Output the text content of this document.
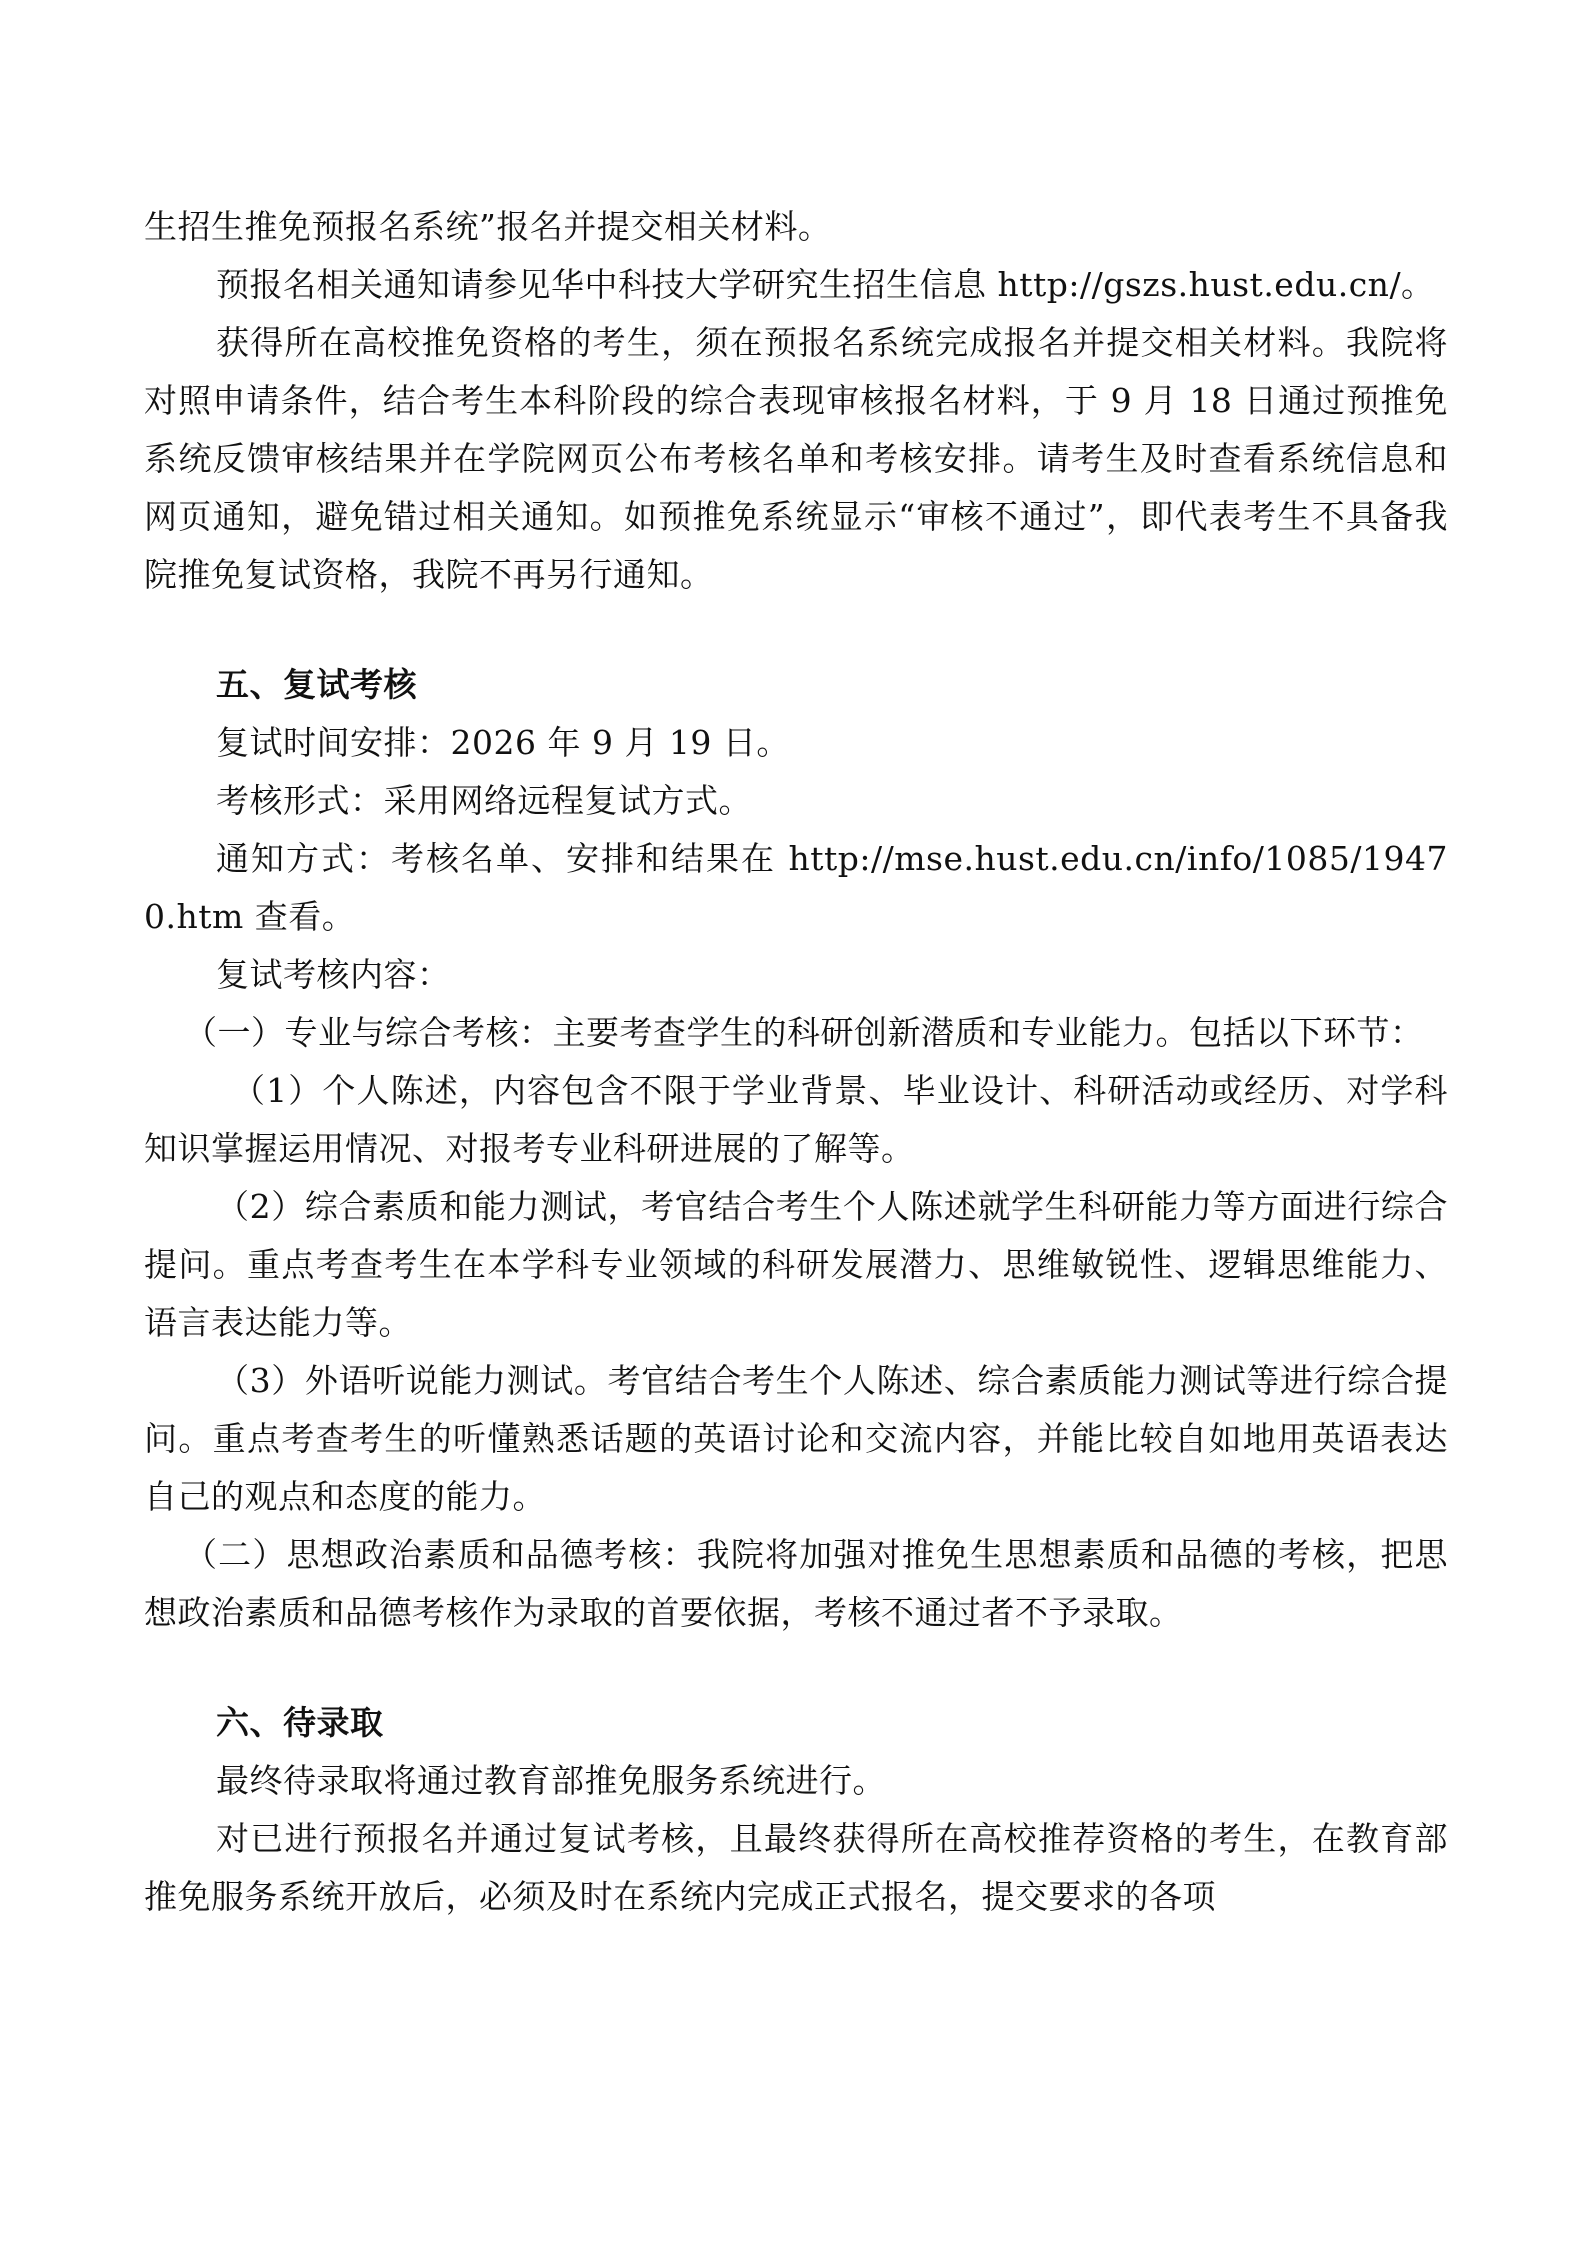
生招生推免预报名系统”报名并提交相关材料。

预报名相关通知请参见华中科技大学研究生招生信息 http://gszs.hust.edu.cn/。

获得所在高校推免资格的考生，须在预报名系统完成报名并提交相关材料。我院将对照申请条件，结合考生本科阶段的综合表现审核报名材料，于 9 月 18 日通过预推免系统反馈审核结果并在学院网页公布考核名单和考核安排。请考生及时查看系统信息和网页通知，避免错过相关通知。如预推免系统显示“审核不通过”，即代表考生不具备我院推免复试资格，我院不再另行通知。

五、复试考核

复试时间安排：2026 年 9 月 19 日。

考核形式：采用网络远程复试方式。

通知方式：考核名单、安排和结果在 http://mse.hust.edu.cn/info/1085/19470.htm 查看。

复试考核内容：

（一）专业与综合考核：主要考查学生的科研创新潜质和专业能力。包括以下环节：

（1）个人陈述，内容包含不限于学业背景、毕业设计、科研活动或经历、对学科知识掌握运用情况、对报考专业科研进展的了解等。

（2）综合素质和能力测试，考官结合考生个人陈述就学生科研能力等方面进行综合提问。重点考查考生在本学科专业领域的科研发展潜力、思维敏锐性、逻辑思维能力、语言表达能力等。

（3）外语听说能力测试。考官结合考生个人陈述、综合素质能力测试等进行综合提问。重点考查考生的听懂熟悉话题的英语讨论和交流内容，并能比较自如地用英语表达自己的观点和态度的能力。

（二）思想政治素质和品德考核：我院将加强对推免生思想素质和品德的考核，把思想政治素质和品德考核作为录取的首要依据，考核不通过者不予录取。

六、待录取

最终待录取将通过教育部推免服务系统进行。

对已进行预报名并通过复试考核，且最终获得所在高校推荐资格的考生，在教育部推免服务系统开放后，必须及时在系统内完成正式报名，提交要求的各项
